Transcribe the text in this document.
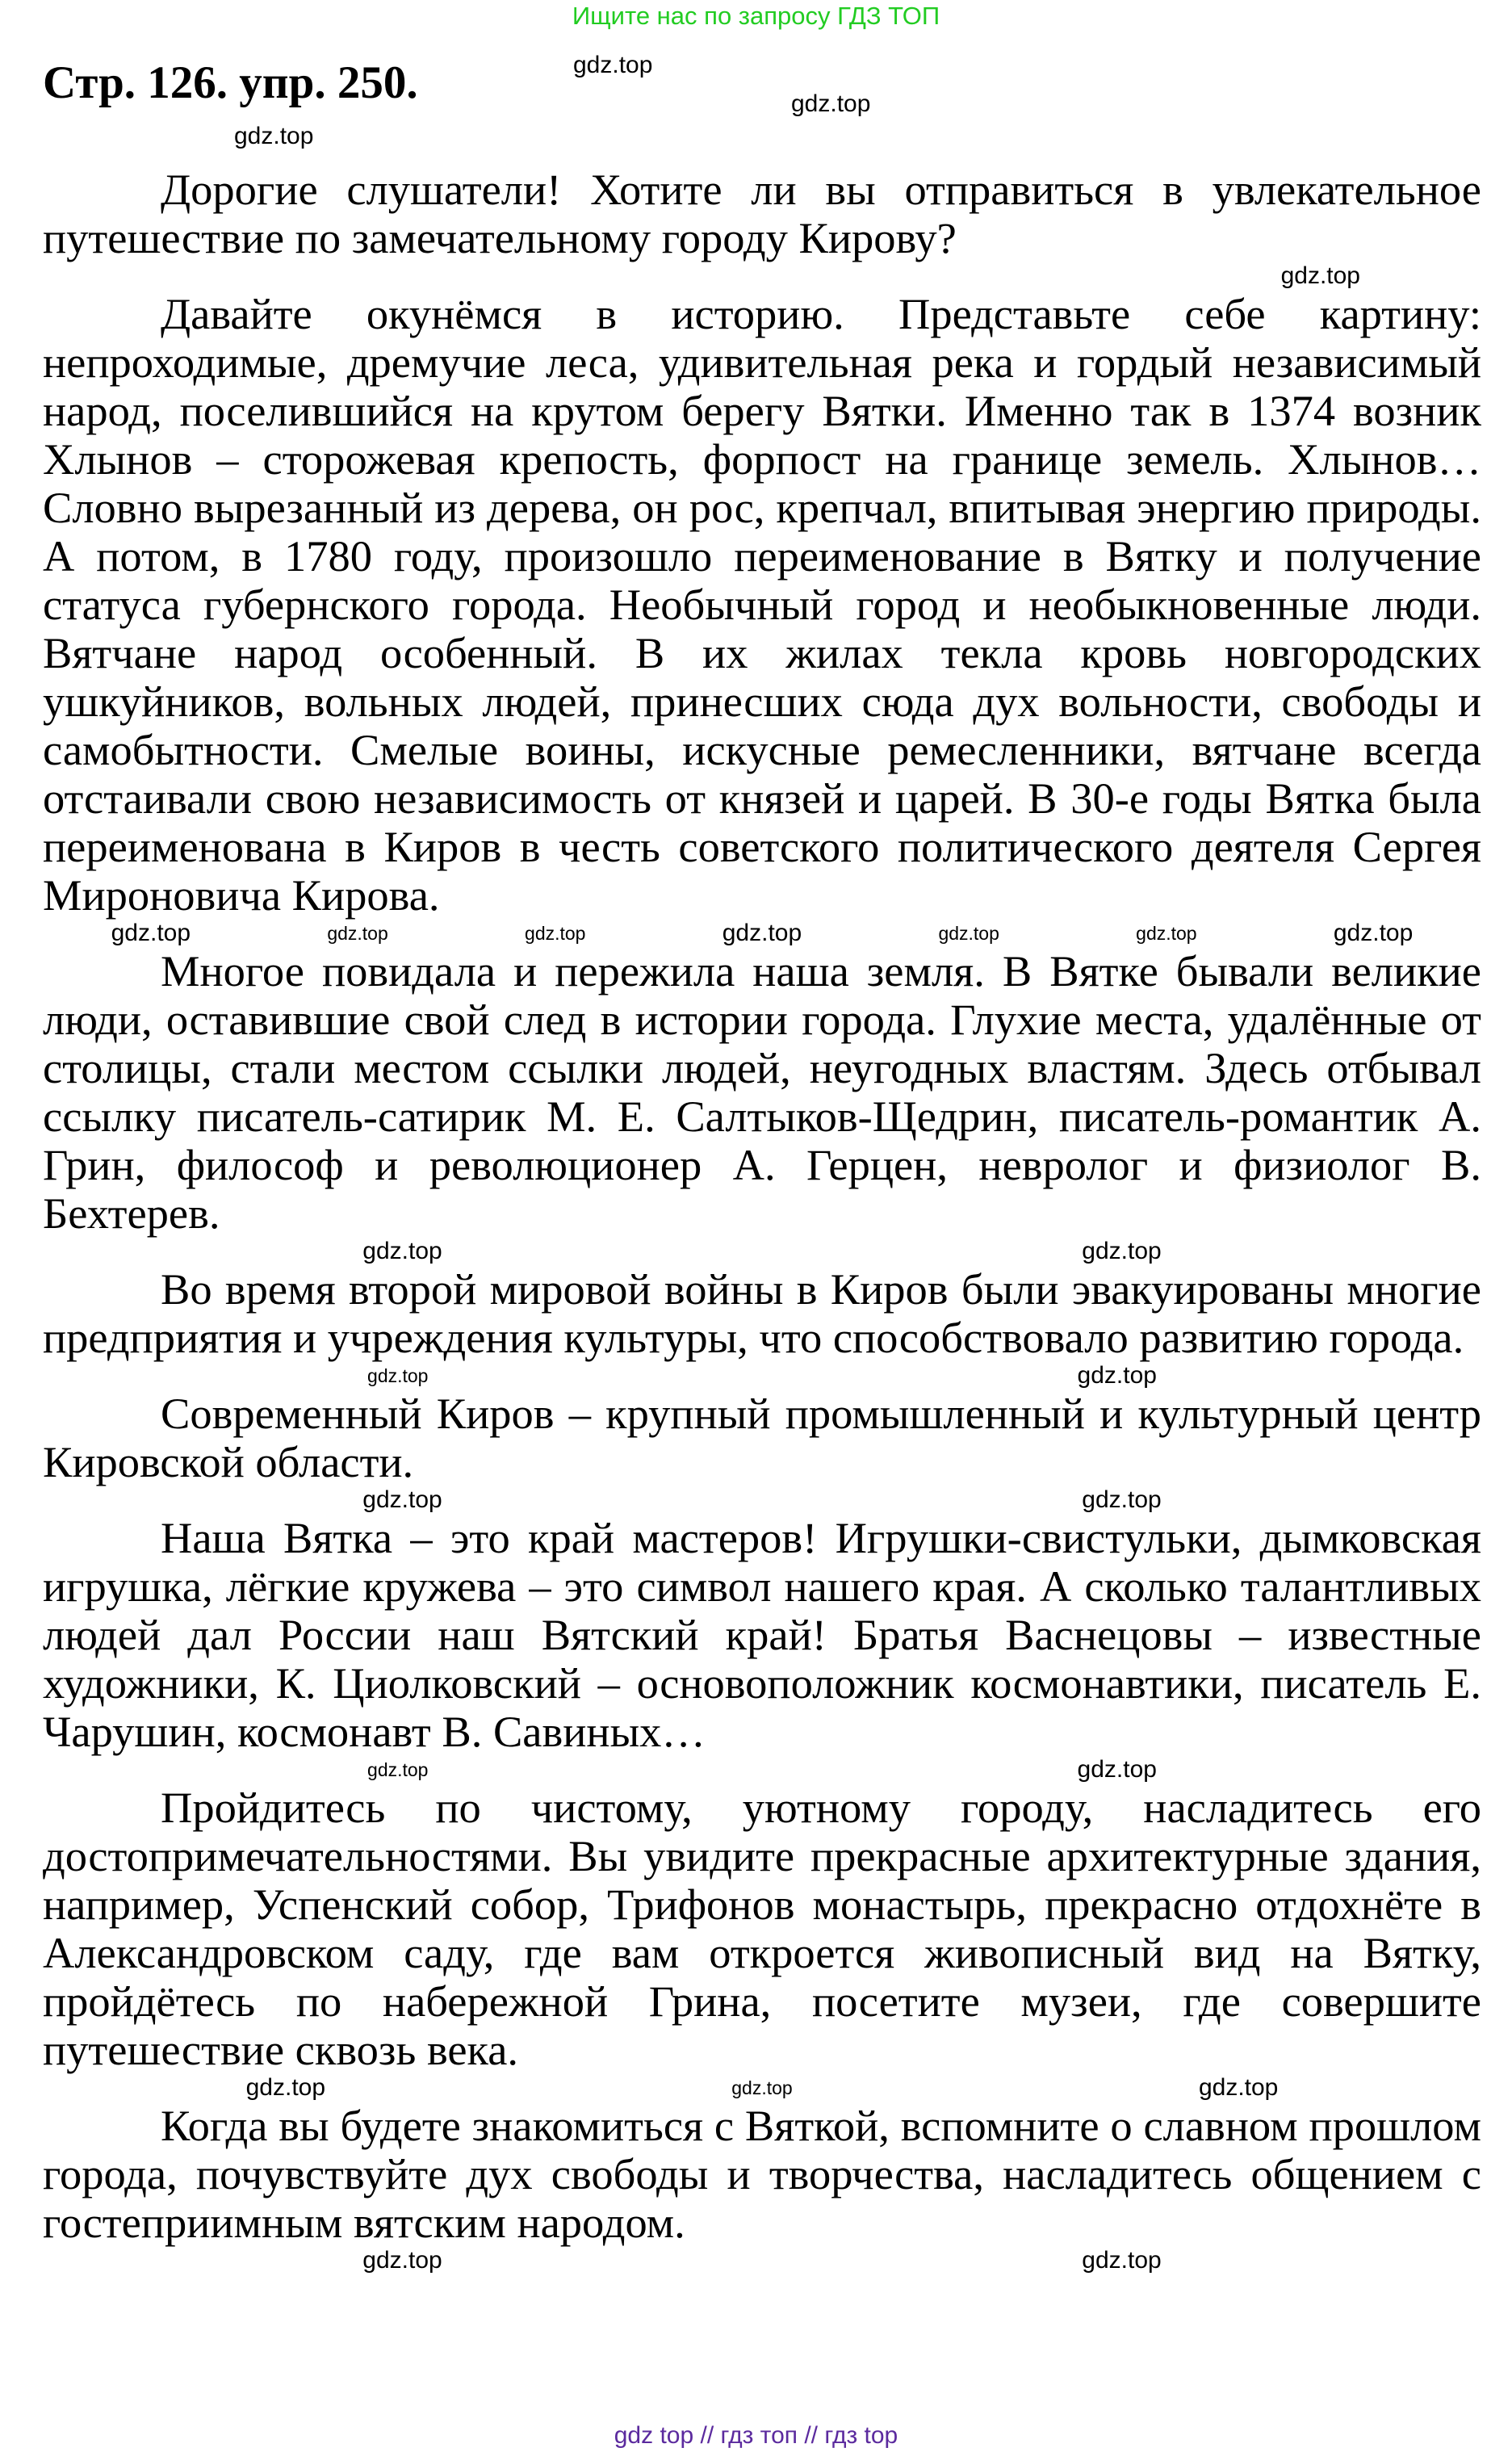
Ищите нас по запросу ГДЗ ТОП
Стр. 126. упр. 250.	gdz.top
gdz.top
gdz.top

Дорогие слушатели! Хотите ли вы отправиться в увлекательное путешествие по замечательному городу Кирову?

gdz.top

Давайте окунёмся в историю. Представьте себе картину: непроходимые, дремучие леса, удивительная река и гордый независимый народ, поселившийся на крутом берегу Вятки. Именно так в 1374 возник Хлынов – сторожевая крепость, форпост на границе земель. Хлынов… Словно вырезанный из дерева, он рос, крепчал, впитывая энергию природы. А потом, в 1780 году, произошло переименование в Вятку и получение статуса губернского города. Необычный город и необыкновенные люди. Вятчане народ особенный. В их жилах текла кровь новгородских ушкуйников, вольных людей, принесших сюда дух вольности, свободы и самобытности. Смелые воины, искусные ремесленники, вятчане всегда отстаивали свою независимость от князей и царей. В 30-е годы Вятка была переименована в Киров в честь советского политического деятеля Сергея Мироновича Кирова.

gdz.top	gdz.top	gdz.top	gdz.top	gdz.top	gdz.top	gdz.top

Многое повидала и пережила наша земля. В Вятке бывали великие люди, оставившие свой след в истории города. Глухие места, удалённые от столицы, стали местом ссылки людей, неугодных властям. Здесь отбывал ссылку писатель-сатирик М. Е. Салтыков-Щедрин, писатель-романтик А. Грин, философ и революционер А. Герцен, невролог и физиолог В. Бехтерев.

gdz.top	gdz.top

Во время второй мировой войны в Киров были эвакуированы многие предприятия и учреждения культуры, что способствовало развитию города.

gdz.top	gdz.top

Современный Киров – крупный промышленный и культурный центр Кировской области.

gdz.top	gdz.top

Наша Вятка – это край мастеров! Игрушки-свистульки, дымковская игрушка, лёгкие кружева – это символ нашего края. А сколько талантливых людей дал России наш Вятский край! Братья Васнецовы – известные художники, К. Циолковский – основоположник космонавтики, писатель Е. Чарушин, космонавт В. Савиных…

gdz.top	gdz.top

Пройдитесь по чистому, уютному городу, насладитесь его достопримечательностями. Вы увидите прекрасные архитектурные здания, например, Успенский собор, Трифонов монастырь, прекрасно отдохнёте в Александровском саду, где вам откроется живописный вид на Вятку, пройдётесь по набережной Грина, посетите музеи, где совершите путешествие сквозь века.

gdz.top	gdz.top	gdz.top

Когда вы будете знакомиться с Вяткой, вспомните о славном прошлом города, почувствуйте дух свободы и творчества, насладитесь общением с гостеприимным вятским народом.

gdz.top	gdz.top
gdz top // гдз топ // гдз top
